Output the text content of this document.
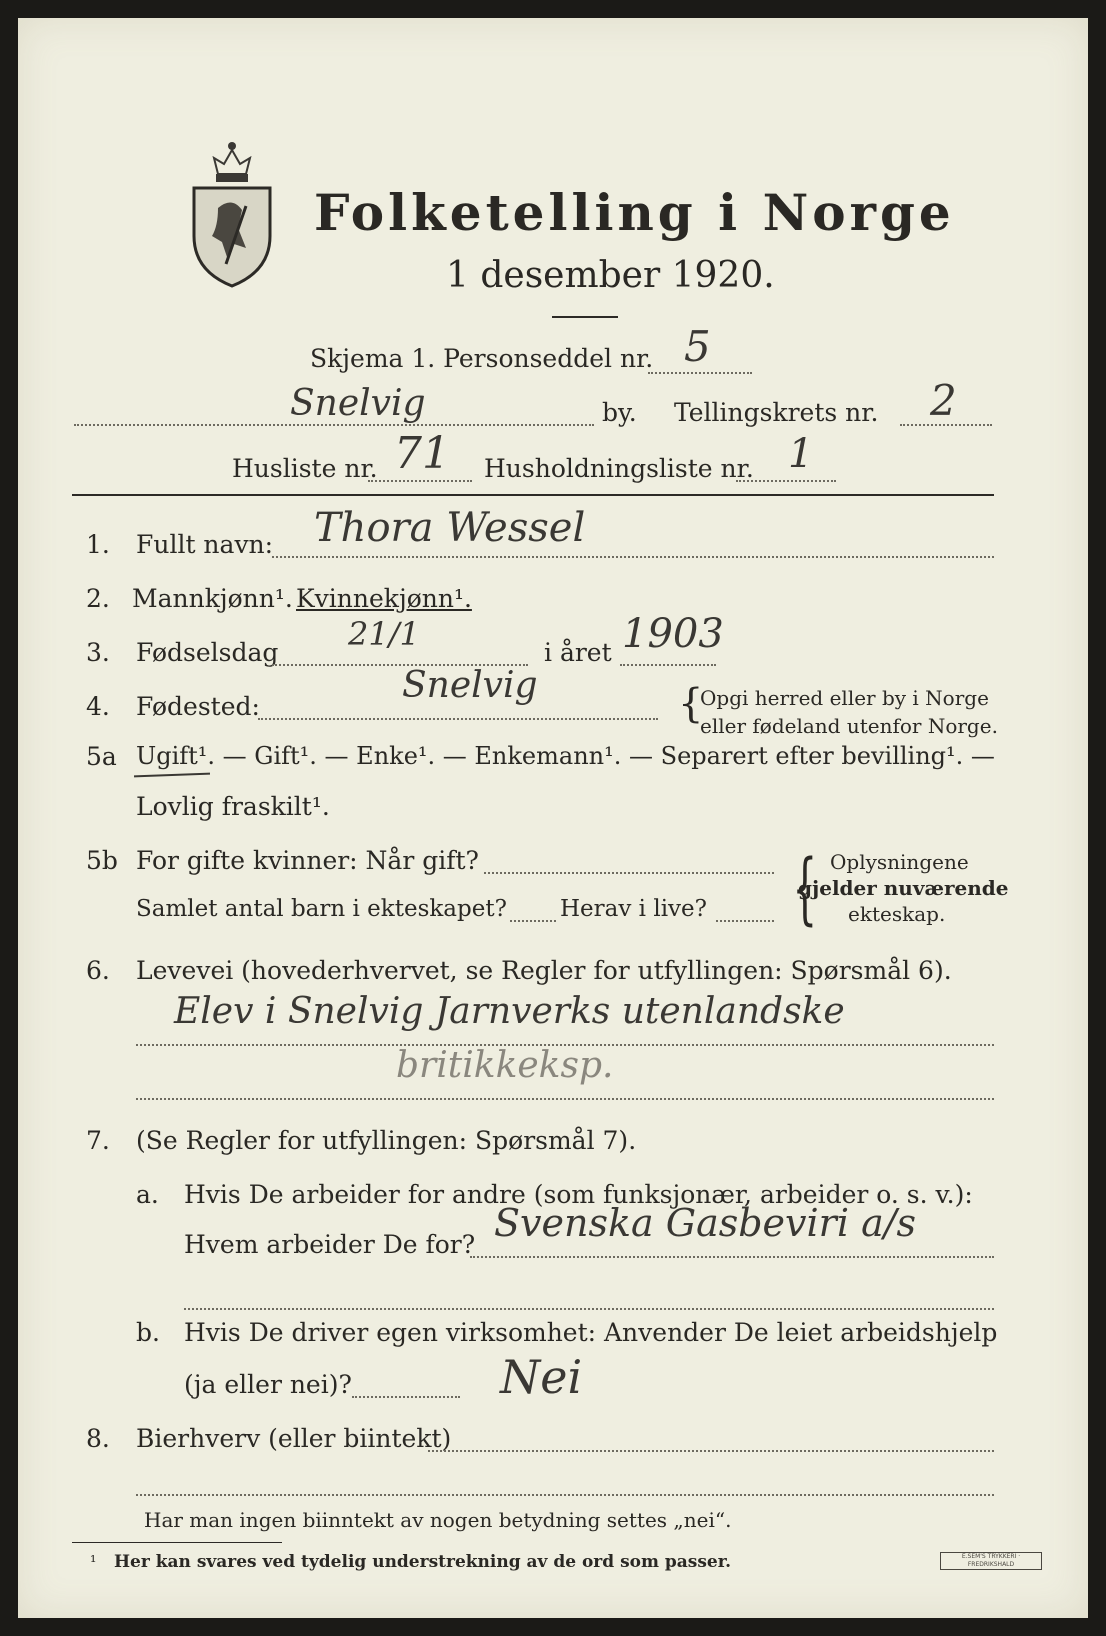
Folketelling i Norge
1 desember 1920.
Skjema 1. Personseddel nr. 5
Snelvig	by. Tellingskrets nr. 2
Husliste nr. 71 Husholdningsliste nr. 1
1. Fullt navn: Thora Wessel
2. Mannkjønn¹. Kvinnekjønn¹.
3. Fødselsdag 21/1	i året 1903
4. Fødested:
Snelvig	{
Opgi herred eller by i Norge
eller fødeland utenfor Norge.
5a Ugift¹. — Gift¹. — Enke¹. — Enkemann¹. — Separert efter bevilling¹. —
Lovlig fraskilt¹.
5b For gifte kvinner: Når gift?
Samlet antal barn i ekteskapet? Herav i live? { Oplysningene
gjelder nuværende
ekteskap.
6. Levevei (hovederhvervet, se Regler for utfyllingen: Spørsmål 6).
Elev i Snelvig Jarnverks utenlandske
britikkeksp.
7. (Se Regler for utfyllingen: Spørsmål 7).
a. Hvis De arbeider for andre (som funksjonær, arbeider o. s. v.):
Hvem arbeider De for? Svenska Gasbeviri a/s
b. Hvis De driver egen virksomhet: Anvender De leiet arbeidshjelp
(ja eller nei)?	Nei
8. Bierhverv (eller biintekt)
Har man ingen biinntekt av nogen betydning settes „nei“.
¹ Her kan svares ved tydelig understrekning av de ord som passer.	E.SEM'S TRYKKERI · FREDRIKSHALD
